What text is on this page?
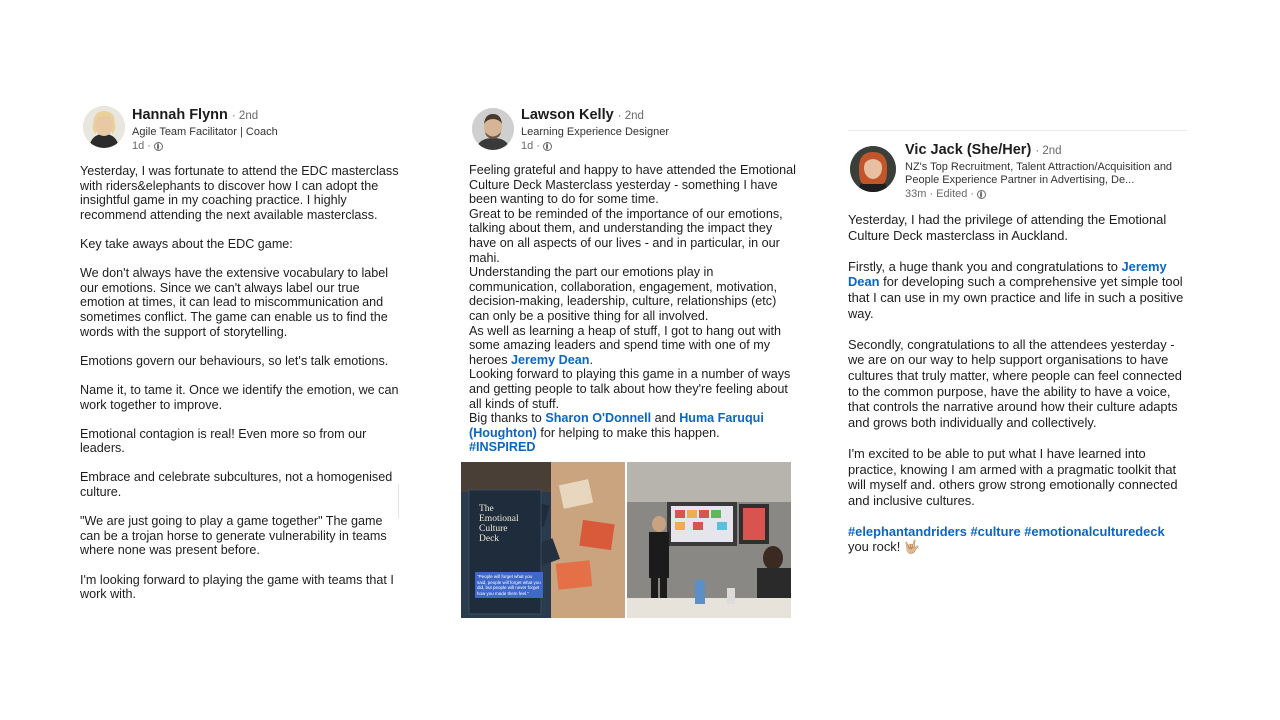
Hannah Flynn · 2nd
Agile Team Facilitator | Coach
1d ·

Yesterday, I was fortunate to attend the EDC masterclass with riders&elephants to discover how I can adopt the insightful game in my coaching practice. I highly recommend attending the next available masterclass.

Key take aways about the EDC game:

We don't always have the extensive vocabulary to label our emotions. Since we can't always label our true emotion at times, it can lead to miscommunication and sometimes conflict. The game can enable us to find the words with the support of storytelling.

Emotions govern our behaviours, so let's talk emotions.

Name it, to tame it. Once we identify the emotion, we can work together to improve.

Emotional contagion is real! Even more so from our leaders.

Embrace and celebrate subcultures, not a homogenised culture.

"We are just going to play a game together" The game can be a trojan horse to generate vulnerability in teams where none was present before.

I'm looking forward to playing the game with teams that I work with.

Lawson Kelly · 2nd
Learning Experience Designer
1d ·

Feeling grateful and happy to have attended the Emotional Culture Deck Masterclass yesterday - something I have been wanting to do for some time.

Great to be reminded of the importance of our emotions, talking about them, and understanding the impact they have on all aspects of our lives - and in particular, in our mahi.

Understanding the part our emotions play in communication, collaboration, engagement, motivation, decision-making, leadership, culture, relationships (etc) can only be a positive thing for all involved.

As well as learning a heap of stuff, I got to hang out with some amazing leaders and spend time with one of my heroes Jeremy Dean.

Looking forward to playing this game in a number of ways and getting people to talk about how they're feeling about all kinds of stuff.

Big thanks to Sharon O'Donnell and Huma Faruqui (Houghton) for helping to make this happen.

#INSPIRED

The Emotional Culture Deck
"People will forget what you said, people will forget what you did, but people will never forget how you made them feel."
Vic Jack (She/Her) · 2nd
NZ's Top Recruitment, Talent Attraction/Acquisition and People Experience Partner in Advertising, De...
33m · Edited ·

Yesterday, I had the privilege of attending the Emotional Culture Deck masterclass in Auckland.

Firstly, a huge thank you and congratulations to Jeremy Dean for developing such a comprehensive yet simple tool that I can use in my own practice and life in such a positive way.

Secondly, congratulations to all the attendees yesterday - we are on our way to help support organisations to have cultures that truly matter, where people can feel connected to the common purpose, have the ability to have a voice, that controls the narrative around how their culture adapts and grows both individually and collectively.

I'm excited to be able to put what I have learned into practice, knowing I am armed with a pragmatic toolkit that will myself and. others grow strong emotionally connected and inclusive cultures.

#elephantandriders #culture #emotionalculturedeck
you rock! 🤟🏼
